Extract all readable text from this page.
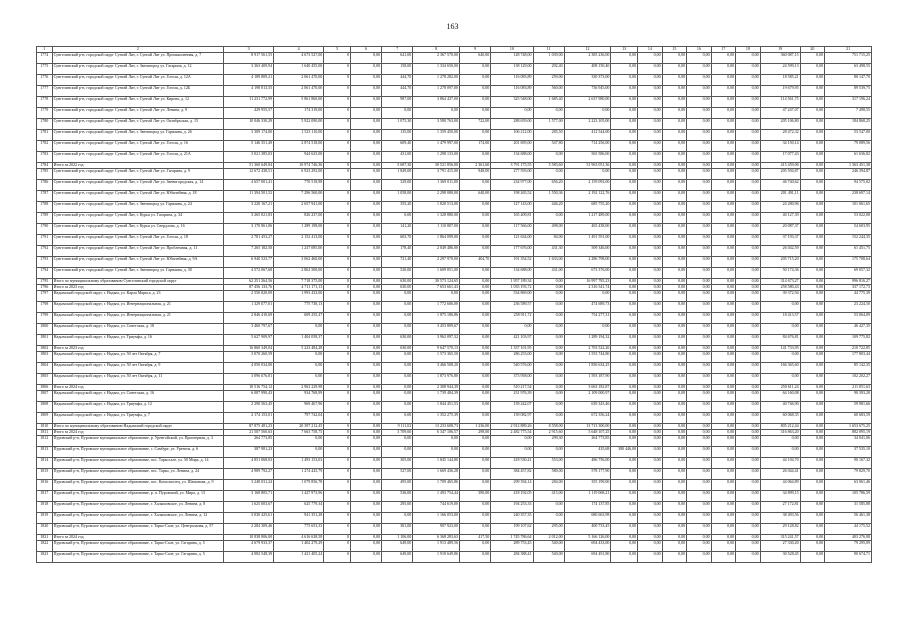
163
1	2	3	4	5	6	7	8	9	10	11	12	13	14	15	16	17	18	19	20	21
1774	Сунгелинский р-н, городской округ Сунгай Лит, г. Сунгай Лит ул. Промышленная, д. 7	8 917 561,55	4 673 527,00	0	0,00	641,00	2 367 570,00	640,00	128 748,00	1 039,00	2 385 236,00	0,00	0,00	0,00	0,00	0,00	0,00	360 087,15	0,00	751 715,25
1775	Сунгелинский р-н, городской округ Сунгай Лит, г. Звенигород ул. Гагарина, д. 12	3 363 409,94	1 640 455,00	0	0,00	158,00	1 334 650,00	0,00	138 129,00	292,40	408 150,40	0,00	0,00	0,00	0,00	0,00	0,00	24 599,13	0,00	63 498,55
1776	Сунгелинский р-н, городской округ Сунгай Лит, г. Сунгай Лит ул. Гоголя, д. 12А	4 189 809,21	2 061 470,00	0	0,00	444,70	1 278 282,00	0,00	116 083,89	259,00	330 373,00	0,00	0,00	0,00	0,00	0,00	0,00	18 585,21	0,00	80 147,70
1777	Сунгелинский р-н, городской округ Сунгай Лит, г. Сунгай Лит ул. Гоголя, д. 12Б	4 198 813,55	2 061 470,00	0	0,00	444,70	1 278 097,00	0,00	116 083,89	560,00	736 945,00	0,00	0,00	0,00	0,00	0,00	0,00	19 679,95	0,00	89 539,75
1778	Сунгелинский р-н, городской округ Сунгай Лит, г. Сунгай Лит ул. Кирова, д. 12	11 231 772,99	5 861 860,00	0	0,00	987,00	3 864 437,00	0,00	325 548,00	1 685,40	2 637 980,00	0,00	0,00	0,00	0,00	0,00	0,00	114 561,75	0,00	317 196,24
1779	Сунгелинский р-н, городской округ Сунгай Лит, г. Сунгай Лит ул. Ленина, д. 9	429 955,57	174 319,00	0	0,00	0,00	0,00	0,00	0,00	0,00	0,00	0,00	0,00	0,00	0,00	0,00	0,00	47 247,07	0,00	7 498,55
1780	Сунгелинский р-н, городской округ Сунгай Лит, г. Сунгай Лит ул. Октябрьская, д. 15	10 046 330,29	5 922 090,00	0	0,00	1 075,30	3 580 763,00	722,00	288 659,00	1 577,00	2 223 105,00	0,00	0,00	0,00	0,00	0,00	0,00	205 106,80	0,00	184 868,25
1781	Сунгелинский р-н, городской округ Сунгай Лит, г. Звенигород ул. Гарнаяна, д. 26	3 309 174,00	1 523 110,00	0	0,00	135,00	1 359 450,00	0,00	106 212,00	285,50	412 544,00	0,00	0,00	0,00	0,00	0,00	0,00	28 472,32	0,00	53 547,00
1782	Сунгелинский р-н, городской округ Сунгай Лит, г. Сунгай Лит ул. Гоголя, д. 16	5 146 351,49	2 874 518,00	0	0,00	609,40	1 479 997,00	174,00	201 695,00	547,80	714 256,00	0,00	0,00	0,00	0,00	0,00	0,00	34 150,14	0,00	79 089,56
1783	Сунгелинский р-н, городской округ Сунгай Лит, г. Сунгай Лит ул. Гоголя, д. 21А	3 021 385,03	944 625,00	0	0,00	431,00	1 298 133,00	0,00	134 688,00	0,00	565 586,00	0,00	0,00	0,00	0,00	0,00	0,00	17 077,43	0,00	61 636,82
1784	Итого за 2022 год	51 360 649,84	16 974 746,36	0	0,00	5 687,30	30 521 856,00	2 361,60	3 791 175,55	5 583,60	51 963 051,36	0,00	0,00	0,00	0,00	0,00	0,00	415 459,06	0,00	1 363 451,38
1785	Сунгелинский р-н, городской округ Сунгай Лит, г. Сунгай Лит ул. Гагарина, д. 9	12 672 438,51	6 923 292,00	0	0,00	1 849,00	3 791 415,00	948,00	277 593,00	0,00	0,00	0,00	0,00	0,00	0,00	0,00	0,00	205 594,87	0,00	246 394,87
1786	Сунгелинский р-н, городской округ Сунгай Лит, г. Сунгай Лит ул. Звенигородская, д. 14	4 657 001,41	770 518,98	0	0,00	329,00	1 369 011,00	0,00	234 977,00	656,20	2 159 093,00	0,00	0,00	0,00	0,00	0,00	0,00	46 740,62	0,00	94 575,02
1787	Сунгелинский р-н, городской округ Сунгай Лит, г. Сунгай Лит ул. Юбилейная, д. 18	11 394 501,52	7 296 560,00	0	0,00	1 058,00	2 298 080,00	640,00	198 265,52	1 550,36	2 192 122,76	0,00	0,00	0,00	0,00	0,00	0,00	201 491,11	0,00	238 697,14
1788	Сунгелинский р-н, городской округ Сунгай Лит, г. Звенигород ул. Гарнаяна, д. 24	3 220 167,21	2 657 941,00	0	0,00	355,20	1 820 513,00	0,00	127 143,00	446,20	685 755,20	0,00	0,00	0,00	0,00	0,00	0,00	24 280,96	0,00	101 061,65
1789	Сунгелинский р-н, городской округ Сунгай Лит, г. Курья ул. Гагарина, д. 34	3 265 021,83	826 237,00	0	0,00	0,00	1 328 880,00	0,00	165 409,81	0,00	1 217 489,00	0,00	0,00	0,00	0,00	0,00	0,00	40 127,39	0,00	53 022,08
1790	Сунгелинский р-н, городской округ Сунгай Лит, г. Курья ул. Свердлова, д. 16	3 170 861,06	1 289 198,00	0	0,00	141,20	1 110 807,00	0,00	117 566,00	498,00	465 438,00	0,00	0,00	0,00	0,00	0,00	0,00	20 087,37	0,00	54 603,95
1791	Сунгелинский р-н, городской округ Сунгай Лит, г. Сунгай Лит ул. Гоголя, д. 18	2 781 453,27	2 152 413,00	0	0,00	603,70	1 864 099,00	0,00	121 634,00	84,00	1 491 591,00	0,00	0,00	0,00	0,00	0,00	0,00	37 193,37	0,00	152 244,35
1792	Сунгелинский р-н, городской округ Сунгай Лит, г. Сунгай Лит ул. Проблемная, д. 11	7 265 182,50	1 237 085,00	0	0,00	178,40	2 049 486,00	0,00	177 676,00	431,30	509 346,00	0,00	0,00	0,00	0,00	0,00	0,00	26 042,59	0,00	61 451,75
1793	Сунгелинский р-н, городской округ Сунгай Лит, г. Сунгай Лит ул. Юбилейная, д. 9А	6 940 523,77	3 062 460,00	0	0,00	721,40	2 297 970,00	404,70	191 354,52	1 633,00	2 286 798,00	0,00	0,00	0,00	0,00	0,00	0,00	205 715,20	0,00	175 708,64
1794	Сунгелинский р-н, городской округ Сунгай Лит, г. Звенигород ул. Гарнаяна, д. 30	4 572 067,68	2 862 500,00	0	0,00	520,00	1 609 051,00	0,00	134 688,00	431,00	673 376,00	0,00	0,00	0,00	0,00	0,00	0,00	50 174,36	0,00	69 057,32
1795	Итого по муниципальному образованию Сунгелинский городской округ	62 251 264,56	7 718 375,00	0	0,00	630,00	30 573 124,65	0,00	1 957 189,34	0,00	16 997 785,23	0,00	0,00	0,00	0,00	0,00	0,00	314 673,27	0,00	996 816,27
1796	Итого за 2023 год	87 456 133,76	4 711 171,13	0	0,00	630,00	7 653 661,43	0,00	1 035 193,72	0,00	2 316 541,74	0,00	0,00	0,00	0,00	0,00	0,00	258 580,43	0,00	337 172,73
1797	Надымский городской округ, г. Надым, ул. Карла Маркса, д. 23	2 550 820,09	1 993 433,00	0	0,00	0,00	0,00	0,00	534 869,00	0,00	0,00	0,00	0,00	0,00	0,00	0,00	0,00	39 372,94	0,00	44 775,39
1798	Надымский городской округ, г. Надым, ул. Интернациональная, д. 21	1 329 077,01	775 738,13	0	0,00	0,00	1 772 606,00	0,00	236 589,57	0,00	474 689,73	0,00	0,00	0,00	0,00	0,00	0,00	0,00	0,00	23 224,50
1799	Надымский городской округ, г. Надым, ул. Интернациональная, д. 21	2 846 410,69	609 255,47	0	0,00	0,00	1 875 186,86	0,00	258 911,72	0,00	754 277,31	0,00	0,00	0,00	0,00	0,00	0,00	18 413,57	0,00	53 064,09
1800	Надымский городской округ, г. Надым, ул. Советская, д. 18	3 460 797,67	0,00	0	0,00	0,00	3 453 809,67	0,00	0,00	0,00	0,00	0,00	0,00	0,00	0,00	0,00	0,00	0,00	0,00	46 427,35
1801	Надымский городской округ, г. Надым, ул. Триумфа, д. 16	5 627 909,97	1 404 058,37	0	0,00	630,00	3 962 097,32	0,00	421 103,97	0,00	1 289 194,32	0,00	0,00	0,00	0,00	0,00	0,00	84 676,81	0,00	109 775,82
1802	Итого за 2023 год	16 860 349,04	5 223 484,28	0	0,00	630,00	9 647 570,13	0,00	1 337 101,95	0,00	2 703 522,26	0,00	0,00	0,00	0,00	0,00	0,00	141 733,95	0,00	210 722,85
1803	Надымский городской округ, г. Надым, ул. 50 лет Октября, д. 7	3 070 260,59	0,00	0	0,00	0,00	1 573 365,50	0,00	286 253,00	0,00	1 553 744,80	0,00	0,00	0,00	0,00	0,00	0,00	0,00	0,00	177 803,44
1804	Надымский городской округ, г. Надым, ул. 50 лет Октября, д. 9	4 050 034,00	0,00	0	0,00	0,00	3 466 508,20	0,00	540 576,00	0,00	1 856 634,25	0,00	0,00	0,00	0,00	0,00	0,00	166 365,60	0,00	85 142,35
1805	Надымский городской округ, г. Надым, ул. 50 лет Октября, д. 11	3 096 676,81	0,00	0	0,00	0,00	1 873 976,80	0,00	373 958,00	0,00	1 593 187,90	0,00	0,00	0,00	0,00	0,00	0,00	0,00	0,00	102 202,27
1806	Итого за 2024 год	10 516 754,12	2 963 229,98	0	0,00	0,00	2 308 944,39	0,00	510 217,54	0,00	3 663 182,87	0,00	0,00	0,00	0,00	0,00	0,00	250 611,24	0,00	211 051,63
1807	Надымский городской округ, г. Надым, ул. Советская, д. 16	6 087 990,43	934 768,99	0	0,00	0,00	1 739 484,39	0,00	231 976,39	0,00	2 109 000,97	0,00	0,00	0,00	0,00	0,00	0,00	64 160,08	0,00	90 393,20
1808	Надымский городской округ, г. Надым, ул. Триумфа, д. 12	2 290 563,45	969 467,96	0	0,00	0,00	1 844 451,53	0,00	139 242,07	0,00	639 343,46	0,00	0,00	0,00	0,00	0,00	0,00	40 746,90	0,00	59 981,66
1809	Надымский городской округ, г. Надым, ул. Триумфа, д. 7	2 174 153,01	797 742,04	0	0,00	0,00	1 352 275,39	0,00	139 082,97	0,00	672 356,24	0,00	0,00	0,00	0,00	0,00	0,00	60 068,35	0,00	60 683,59
1810	Итого по муниципальному образованию Надымский городской округ	87 875 481,23	20 397 212,45	0	0,00	9 111,02	13 233 608,73	1 236,00	2 912 889,26	8 558,00	13 713 300,00	0,00	0,00	0,00	0,00	0,00	0,00	805 212,44	0,00	1 653 675,25
1811	Итого за 2024 год	21 507 560,63	7 663 758,75	0	0,00	3 709,60	6 347 106,57	298,00	2 482 775,54	2 915,60	5 648 107,25	0,00	0,00	0,00	0,00	0,00	0,00	316 863,20	0,00	882 095,19
1812	Пуровский р-н, Пуровское муниципальное образование, р. Уренгойский, ул. Приозерная, д. 3	264 773,85	0,00	0	0,00	0,00	0,00	0,00	0,00	299,30	264 773,85	0,00	0,00	0,00	0,00	0,00	0,00	0,00	0,00	34 041,06
1813	Пуровский р-н, Пуровское муниципальное образование, с. Самбург, ул. Уренгоя, д. 6	387 981,23	0,00	0	0,00	0,00	0,00	0,00	0,00	0,00	435,68	380 446,00	0,00	0,00	0,00	0,00	0,00	0,00	0,00	37 535,10
1814	Пуровский р-н, Пуровское муниципальное образование, пос. Таркосале, ул. 50 Мира, д. 14	4 851 068,03	1 493 153,03	0	0,00	305,00	1 845 144,80	0,00	418 530,41	553,00	486 756,00	0,00	0,00	0,00	0,00	0,00	0,00	44 194,70	0,00	90 167,32
1815	Пуровский р-н, Пуровское муниципальное образование, пос. Тарко, ул. Ленина, д. 24	4 989 792,27	1 274 443,79	0	0,00	527,00	1 669 436,28	0,00	384 457,82	580,00	578 177,90	0,00	0,00	0,00	0,00	0,00	0,00	26 044,41	0,00	79 829,70
1816	Пуровский р-н, Пуровское муниципальное образование, пос. Комсомолец, ул. Шаманова, д. 9	3 248 031,24	1 079 856,78	0	0,00	495,00	1 709 465,86	0,00	299 394,14	284,00	355 199,00	0,00	0,00	0,00	0,00	0,00	0,00	44 064,89	0,00	63 061,46
1817	Пуровский р-н, Пуровское муниципальное образование, р. п. Пуровский, ул. Мира, д. 13	3 168 805,71	1 427 973,96	0	0,00	536,00	1 493 754,44	390,00	418 192,05	415,00	1 119 068,21	0,00	0,00	0,00	0,00	0,00	0,00	34 899,15	0,00	105 786,59
1818	Пуровский р-н, Пуровское муниципальное образование, г. Халяшовское, ул. Ленина, д. 8	1 625 003,67	625 779,34	0	0,00	295,00	744 619,00	0,00	194 253,33	0,00	174 137,85	0,00	0,00	0,00	0,00	0,00	0,00	27 172,81	0,00	31 585,88
1819	Пуровский р-н, Пуровское муниципальное образование, г. Халяшовское, ул. Ленина, д. 12	3 030 425,61	941 351,28	0	0,00	0,00	1 166 053,00	0,00	240 357,35	0,00	680 663,98	0,00	0,00	0,00	0,00	0,00	0,00	38 493,56	0,00	56 461,38
1820	Пуровский р-н, Пуровское муниципальное образование, г. Тарко-Сале, ул. Центральная, д. 57	2 284 309,46	775 653,33	0	0,00	381,00	907 923,00	0,00	199 107,62	295,00	400 733,45	0,00	0,00	0,00	0,00	0,00	0,00	29 128,82	0,00	44 175,52
1821	Итого за 2024 год	10 838 806,00	4 616 638,58	0	0,00	1 106,00	6 368 283,63	417,50	1 745 786,64	2 012,00	5 166 126,00	0,00	0,00	0,00	0,00	0,00	0,00	315 241,57	0,00	403 276,08
1822	Пуровский р-н, Пуровское муниципальное образование, г. Тарко-Сале, ул. Гагарина, д. 5	4 679 933,37	1 402 279,29	0	0,00	649,00	1 913 489,56	0,00	289 753,45	540,00	694 433,00	0,00	0,00	0,00	0,00	0,00	0,00	27 330,20	0,00	79 295,09
1823	Пуровский р-н, Пуровское муниципальное образование, г. Тарко-Сале, ул. Гагарина, д. 5	4 082 548,39	1 421 405,24	0	0,00	649,00	1 918 649,86	0,00	284 388,41	540,00	694 491,80	0,00	0,00	0,00	0,00	0,00	0,00	30 528,45	0,00	90 674,71
